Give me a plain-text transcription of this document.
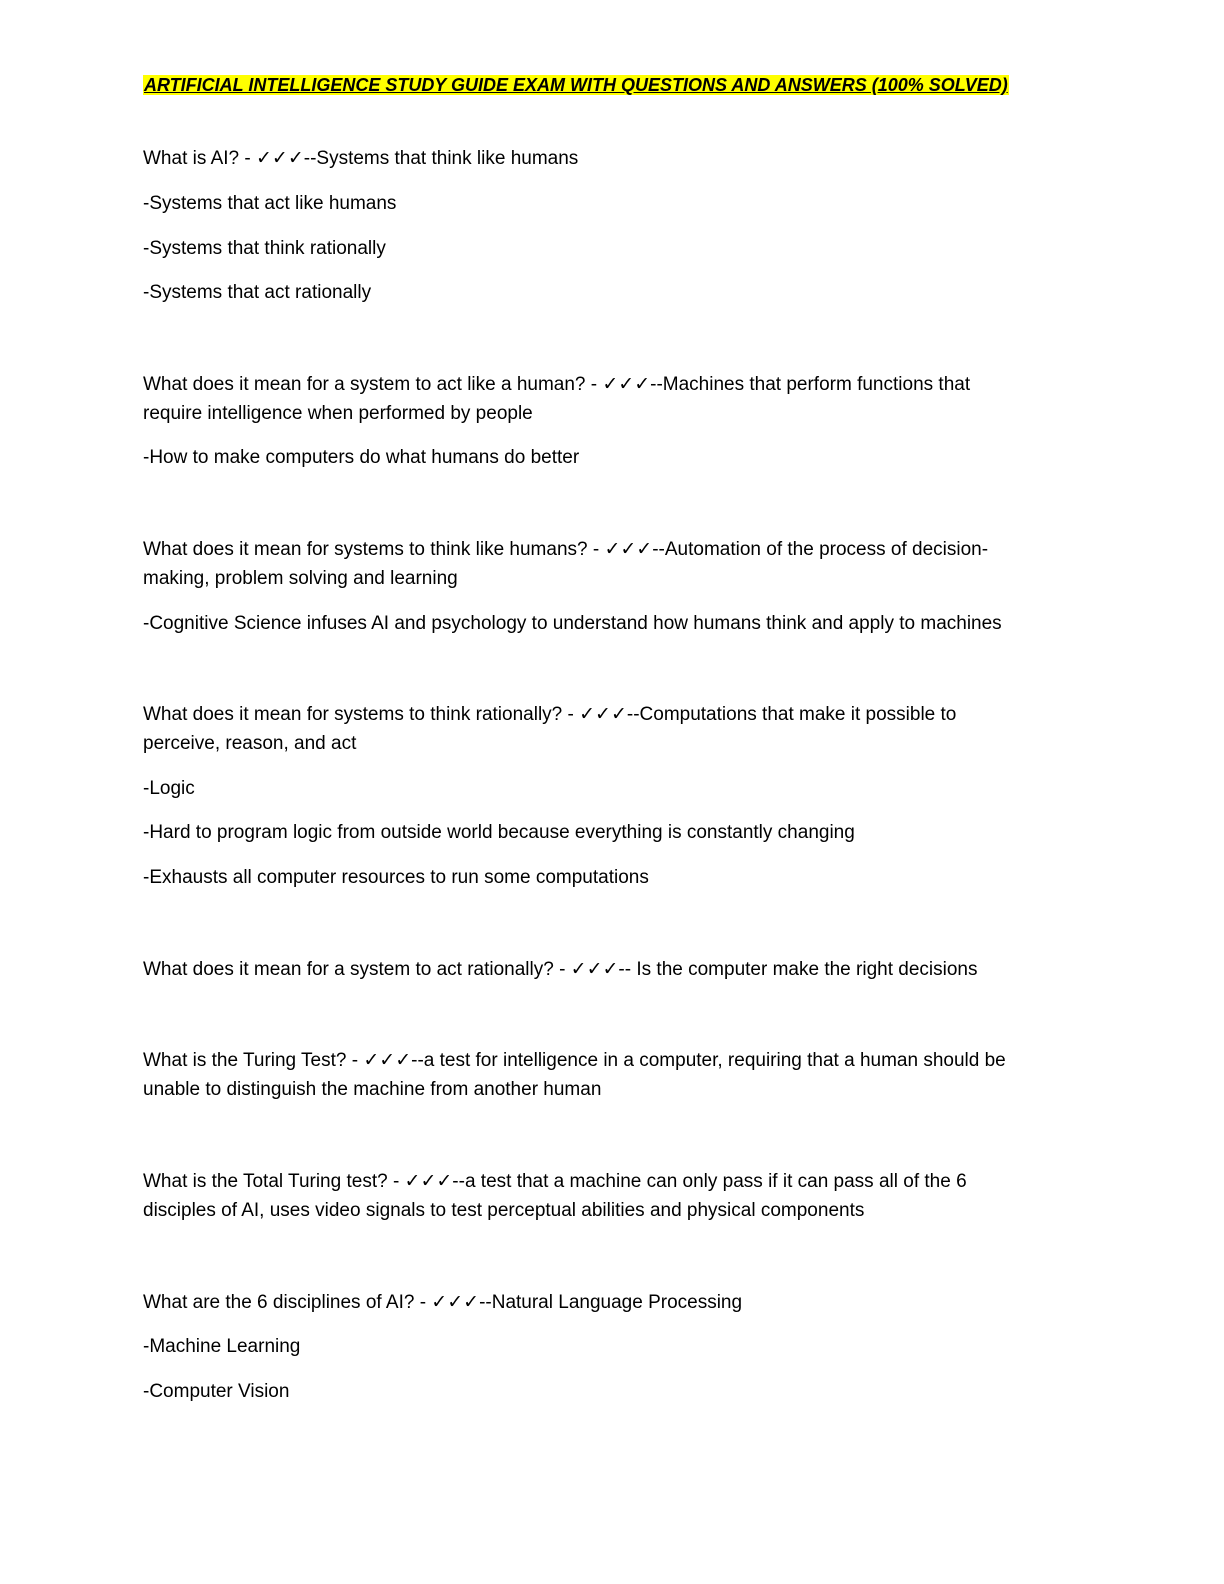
ARTIFICIAL INTELLIGENCE STUDY GUIDE EXAM WITH QUESTIONS AND ANSWERS (100% SOLVED)
What is AI? - ✓✓✓--Systems that think like humans
-Systems that act like humans
-Systems that think rationally
-Systems that act rationally
What does it mean for a system to act like a human? - ✓✓✓--Machines that perform functions that
require intelligence when performed by people
-How to make computers do what humans do better
What does it mean for systems to think like humans? - ✓✓✓--Automation of the process of decision-
making, problem solving and learning
-Cognitive Science infuses AI and psychology to understand how humans think and apply to machines
What does it mean for systems to think rationally? - ✓✓✓--Computations that make it possible to
perceive, reason, and act
-Logic
-Hard to program logic from outside world because everything is constantly changing
-Exhausts all computer resources to run some computations
What does it mean for a system to act rationally? - ✓✓✓-- Is the computer make the right decisions
What is the Turing Test? - ✓✓✓--a test for intelligence in a computer, requiring that a human should be
unable to distinguish the machine from another human
What is the Total Turing test? - ✓✓✓--a test that a machine can only pass if it can pass all of the 6
disciples of AI, uses video signals to test perceptual abilities and physical components
What are the 6 disciplines of AI? - ✓✓✓--Natural Language Processing
-Machine Learning
-Computer Vision
